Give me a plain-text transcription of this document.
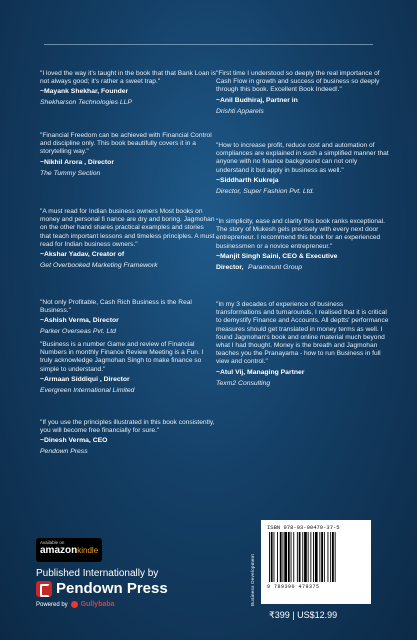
"I loved the way it's taught in the book that that Bank Loan is not always good; it's rather a sweet trap."
~Mayank Shekhar, Founder
Shekharson Technologies LLP
"Financial Freedom can be achieved with Financial Control and discipline only. This book beautifully covers it in a storytelling way."
~Nikhil Arora , Director
The Tummy Section
"A must read for Indian business owners Most books on money and personal fi nance are dry and boring. Jagmohan on the other hand shares practical examples and stories that teach important lessons and timeless principles. A must read for Indian business owners."
~Akshar Yadav, Creator of
Get Overbooked Marketing Framework
"Not only Profitable, Cash Rich Business is the Real Business."
~Ashish Verma, Director
Parker Overseas Pvt. Ltd
"Business is a number Game and review of Financial Numbers in monthly Finance Review Meeting is a Fun. I truly acknowledge Jagmohan Singh to make finance so simple to understand."
~Armaan Siddiqui , Director
Evergreen International Limited
"If you use the principles illustrated in this book consistently, you will become free financially for sure."
~Dinesh Verma, CEO
Pendown Press
"First time I understood so deeply the real importance of Cash Flow in growth and success of business so deeply through this book. Excellent Book Indeed!."
~Anil Budhiraj, Partner in
Drishti Apparels
"How to increase profit, reduce cost and automation of compliances are explained in such a simplified manner that anyone with no finance background can not only understand it but apply in business as well."
~Siddharth Kukreja
Director, Super Fashion Pvt. Ltd.
"In simplicity, ease and clarity this book ranks exceptional. The story of Mukesh gels precisely with every next door entrepreneur. I recommend this book for an experienced businessmen or a novice entrepreneur."
~Manjit Singh Saini, CEO & Executive
Director, Paramount Group
"In my 3 decades of experience of business transformations and turnarounds, I realised that it is critical to demystify Finance and Accounts. All deptts' performance measures should get translated in money terms as well. I found Jagmohan's book and online material much beyond what I had thought. Money is the breath and Jagmohan teaches you the Pranayama - how to run Business in full view and control."
~Atul Vij, Managing Partner
Texm2 Consulting
Available on
amazonkindle
Published Internationally by
Pendown Press
Powered by Gullybaba
ISBN 978-93-90479-37-5
9 789390 479375
Business Development
₹399 | US$12.99
